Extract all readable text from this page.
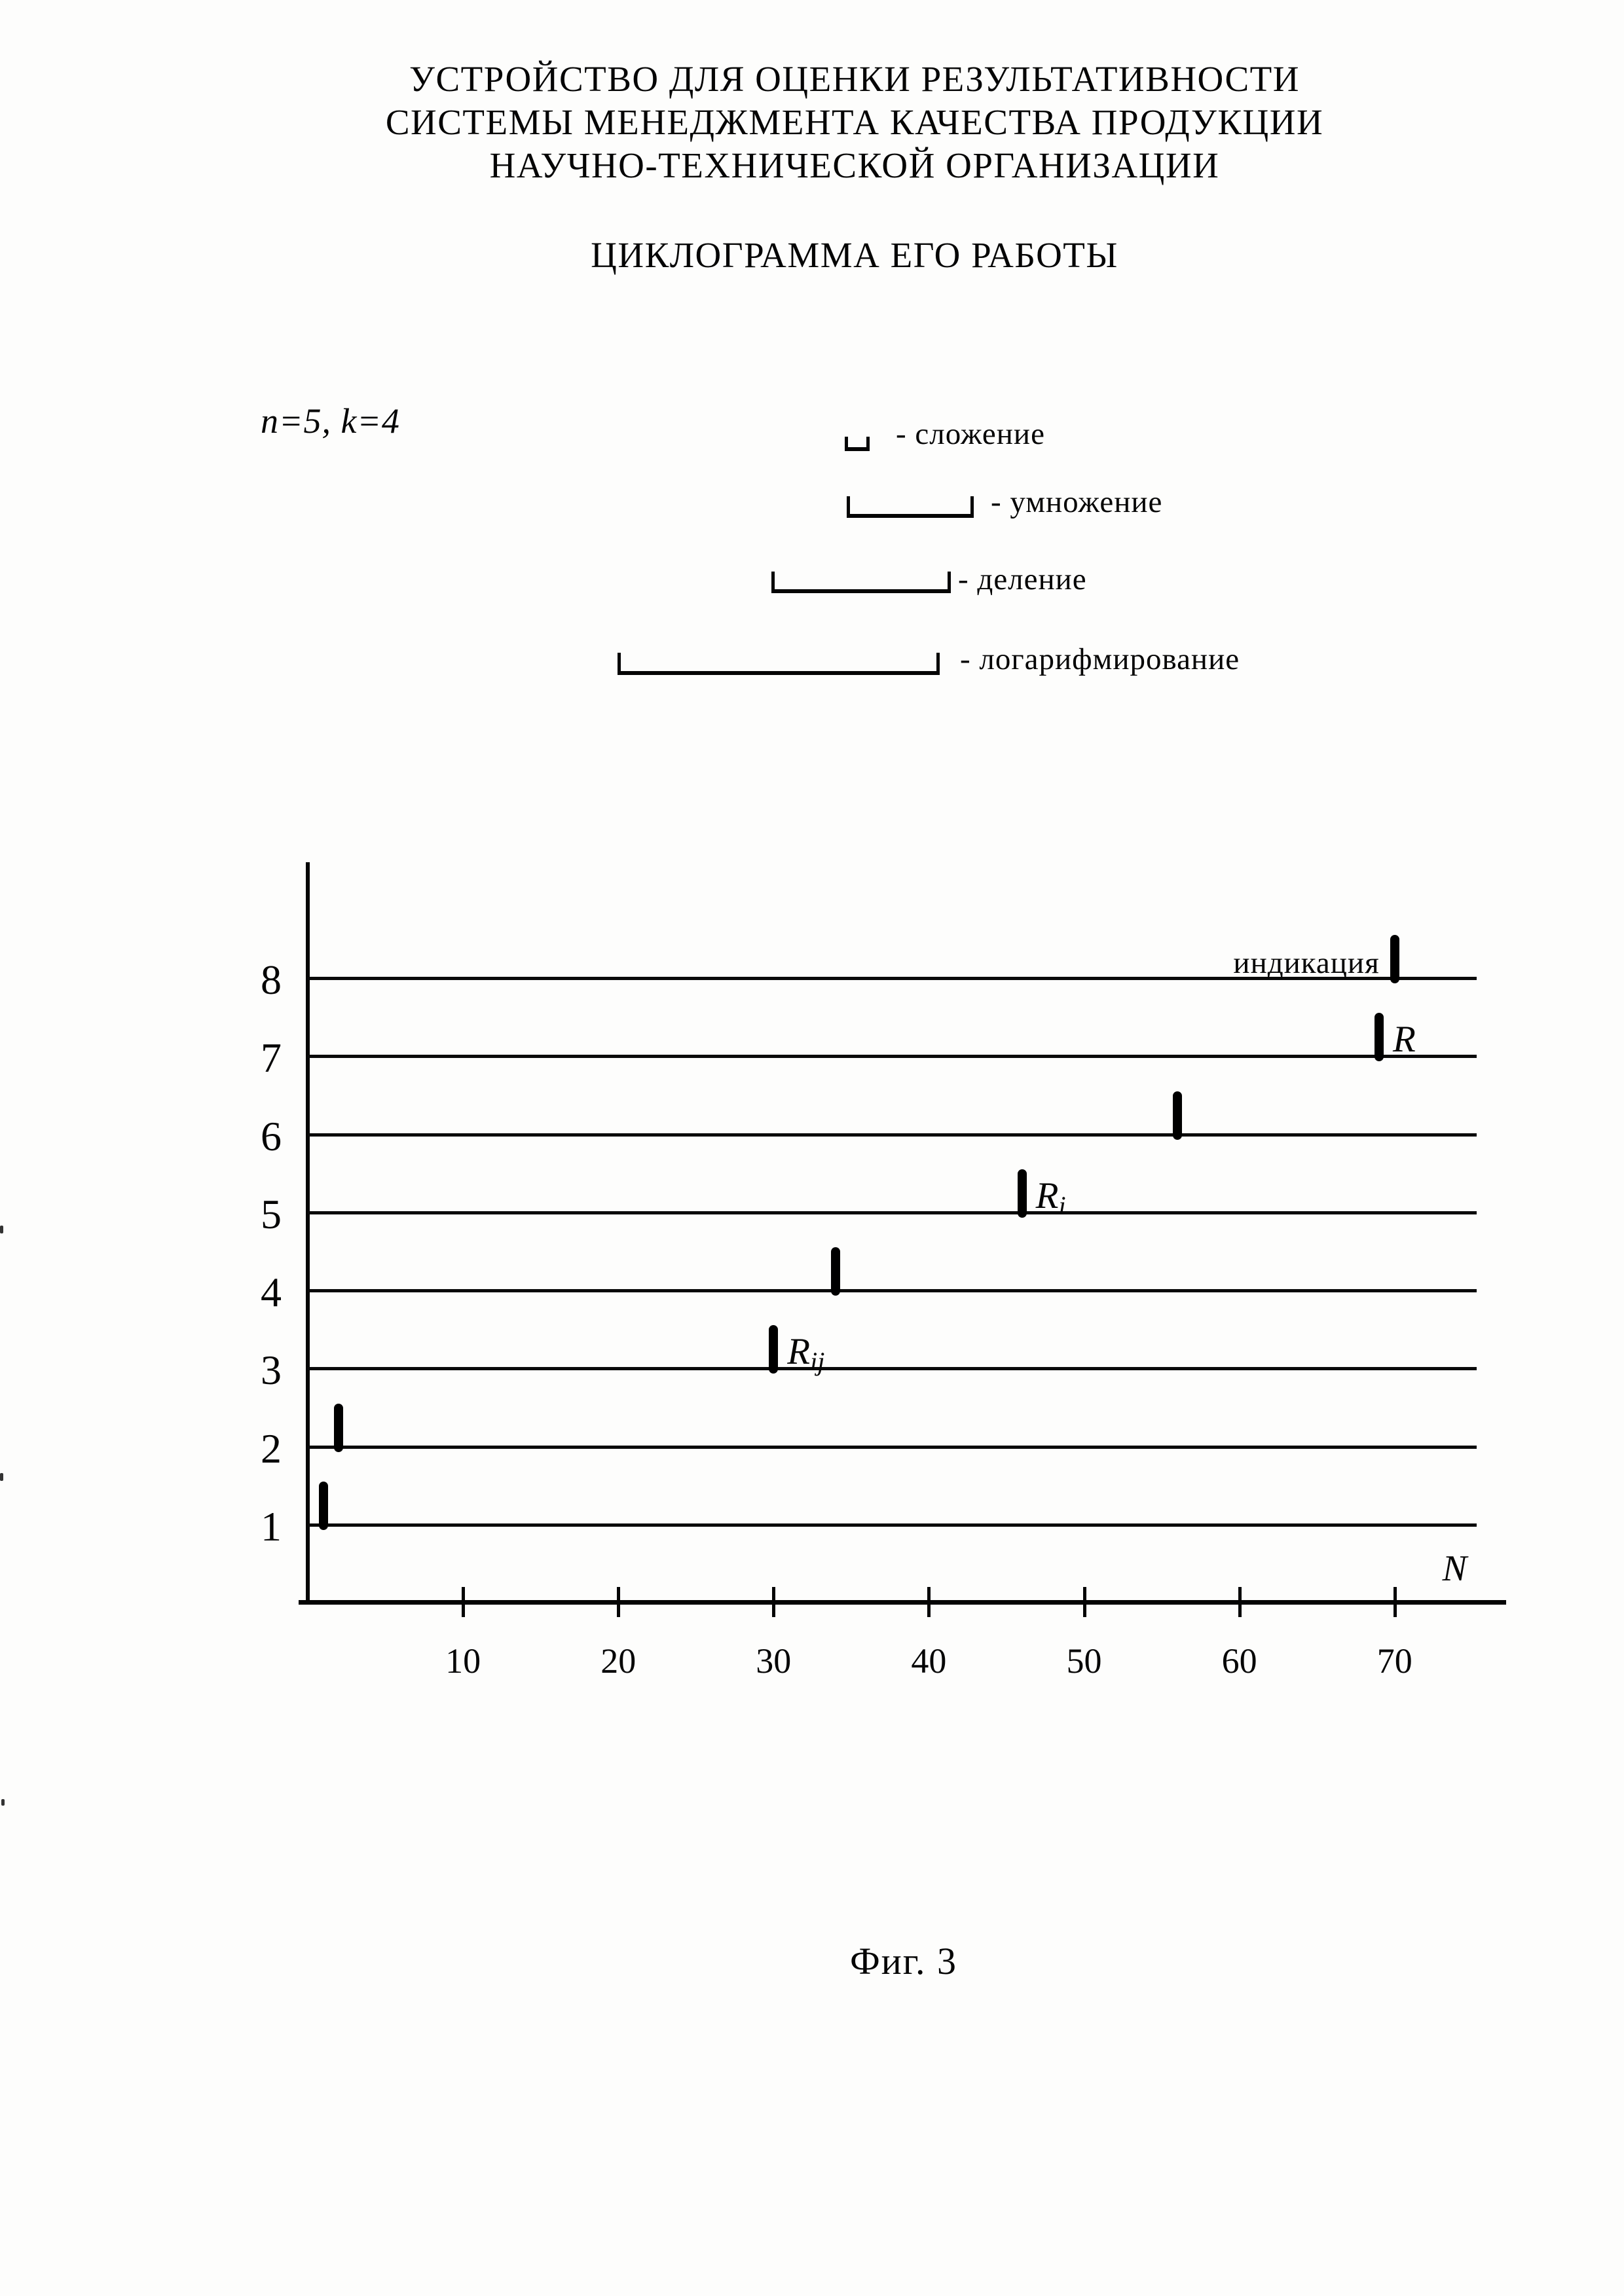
УСТРОЙСТВО ДЛЯ ОЦЕНКИ РЕЗУЛЬТАТИВНОСТИ
СИСТЕМЫ МЕНЕДЖМЕНТА КАЧЕСТВА ПРОДУКЦИИ
НАУЧНО-ТЕХНИЧЕСКОЙ ОРГАНИЗАЦИИ
ЦИКЛОГРАММА ЕГО РАБОТЫ
n=5, k=4	- сложение
- умножение
- деление
- логарифмирование
1
2
3	$R_{ij}$
4
5	$R_i$
6
7	R
8	индикация
10	20	30	40	50	60	70
N
Фиг. 3
